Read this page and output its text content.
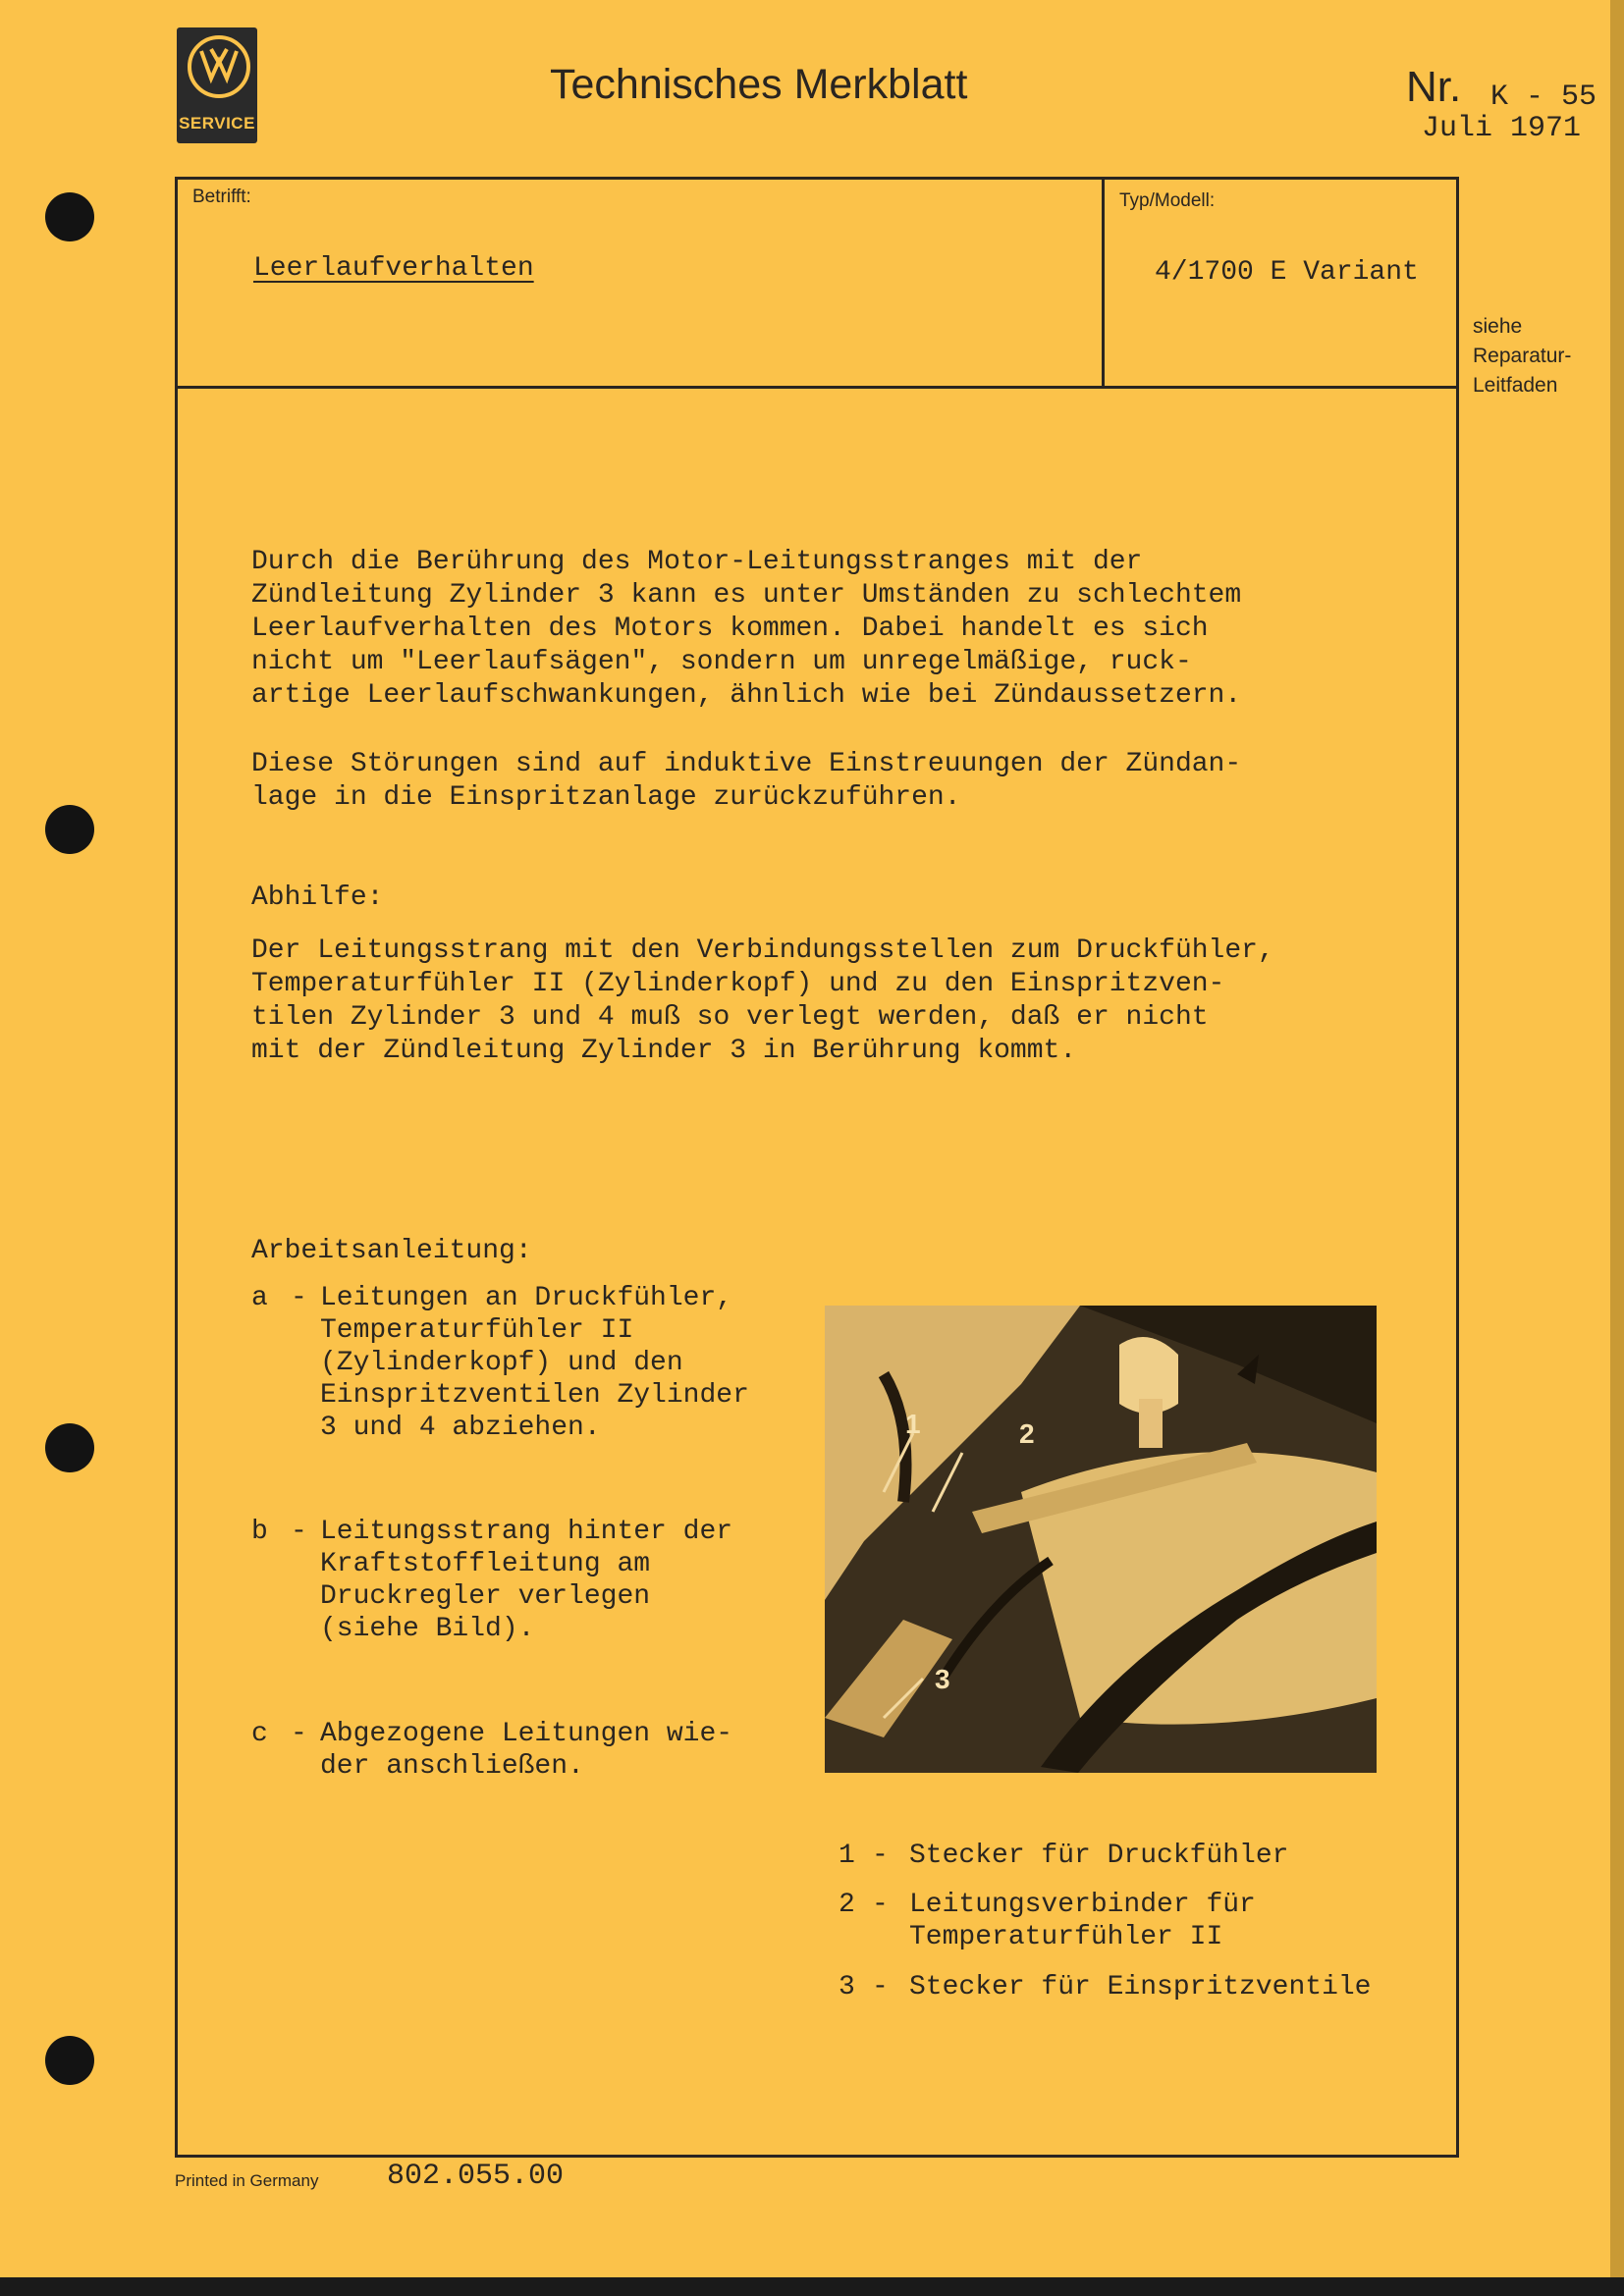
SERVICE
Technisches Merkblatt	Nr. K - 55
Juli 1971
Betrifft:	Typ/Modell:
Leerlaufverhalten	4/1700 E Variant
siehe
Reparatur-
Leitfaden

Durch die Berührung des Motor-Leitungsstranges mit der
Zündleitung Zylinder 3 kann es unter Umständen zu schlechtem
Leerlaufverhalten des Motors kommen. Dabei handelt es sich
nicht um "Leerlaufsägen", sondern um unregelmäßige, ruck-
artige Leerlaufschwankungen, ähnlich wie bei Zündaussetzern.

Diese Störungen sind auf induktive Einstreuungen der Zündan-
lage in die Einspritzanlage zurückzuführen.

Abhilfe:

Der Leitungsstrang mit den Verbindungsstellen zum Druckfühler,
Temperaturfühler II (Zylinderkopf) und zu den Einspritzven-
tilen Zylinder 3 und 4 muß so verlegt werden, daß er nicht
mit der Zündleitung Zylinder 3 in Berührung kommt.

Arbeitsanleitung:

a - Leitungen an Druckfühler,
Temperaturfühler II
(Zylinderkopf) und den
Einspritzventilen Zylinder
3 und 4 abziehen.
b - Leitungsstrang hinter der
Kraftstoffleitung am
Druckregler verlegen
(siehe Bild).
c - Abgezogene Leitungen wie-
der anschließen.
1	2
3
1 - Stecker für Druckfühler
2 - Leitungsverbinder für
Temperaturfühler II
3 - Stecker für Einspritzventile
Printed in Germany 802.055.00
